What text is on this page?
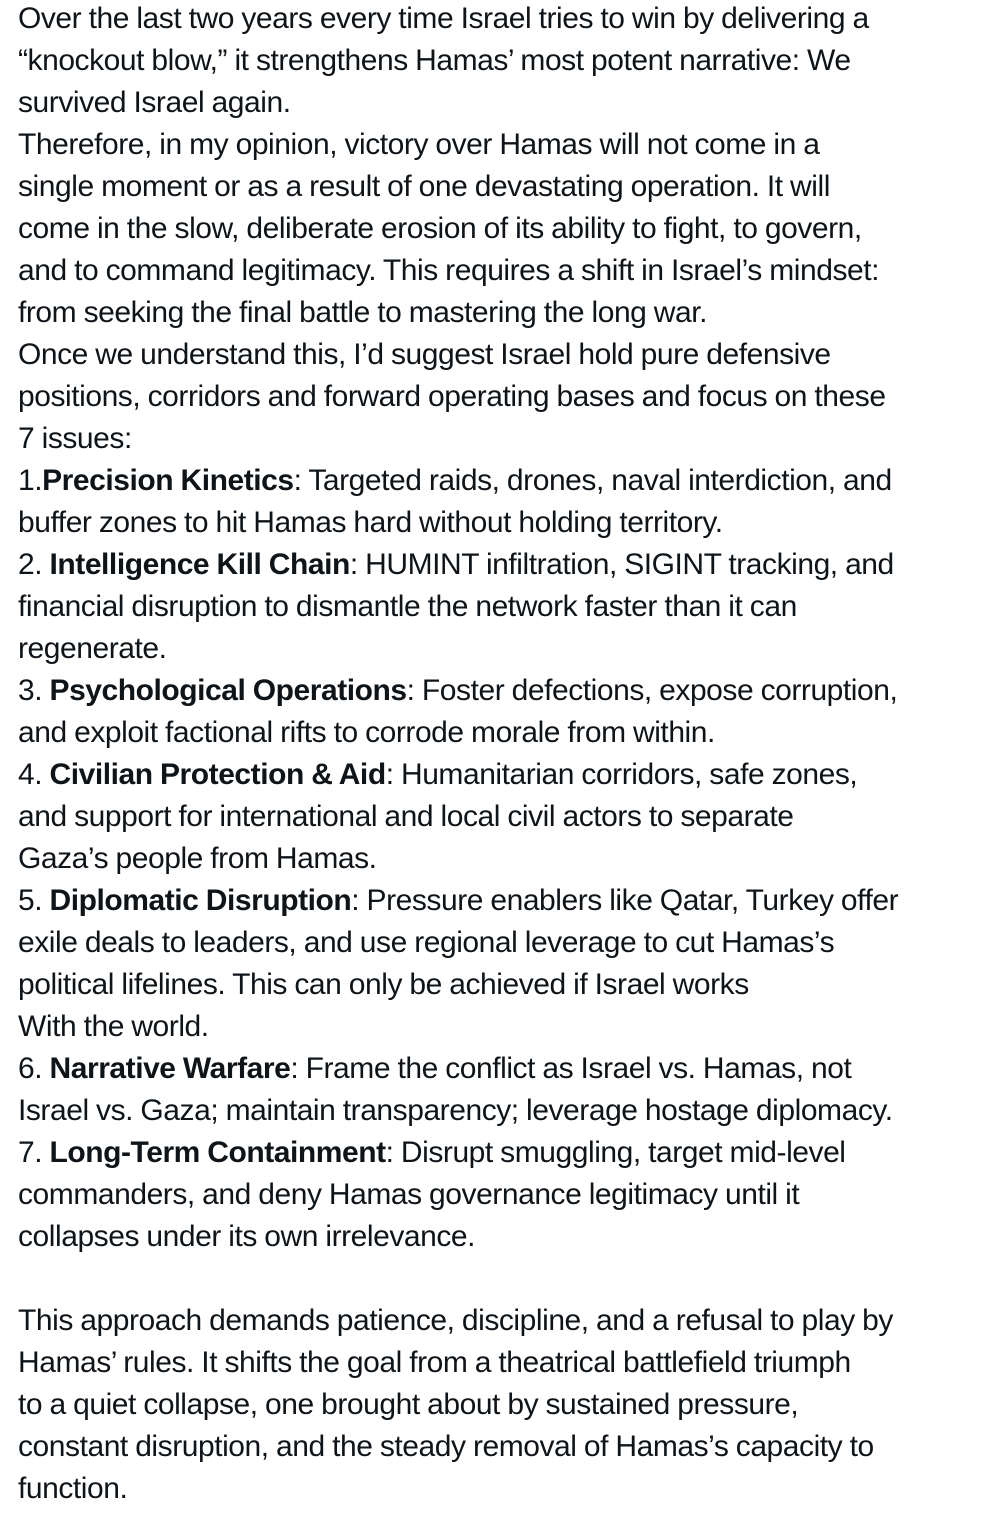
Over the last two years every time Israel tries to win by delivering a
“knockout blow,” it strengthens Hamas’ most potent narrative: We
survived Israel again.
Therefore, in my opinion, victory over Hamas will not come in a
single moment or as a result of one devastating operation. It will
come in the slow, deliberate erosion of its ability to fight, to govern,
and to command legitimacy. This requires a shift in Israel’s mindset:
from seeking the final battle to mastering the long war.
Once we understand this, I’d suggest Israel hold pure defensive
positions, corridors and forward operating bases and focus on these
7 issues:
1.Precision Kinetics: Targeted raids, drones, naval interdiction, and
buffer zones to hit Hamas hard without holding territory.
2. Intelligence Kill Chain: HUMINT infiltration, SIGINT tracking, and
financial disruption to dismantle the network faster than it can
regenerate.
3. Psychological Operations: Foster defections, expose corruption,
and exploit factional rifts to corrode morale from within.
4. Civilian Protection & Aid: Humanitarian corridors, safe zones,
and support for international and local civil actors to separate
Gaza’s people from Hamas.
5. Diplomatic Disruption: Pressure enablers like Qatar, Turkey offer
exile deals to leaders, and use regional leverage to cut Hamas’s
political lifelines. This can only be achieved if Israel works
With the world.
6. Narrative Warfare: Frame the conflict as Israel vs. Hamas, not
Israel vs. Gaza; maintain transparency; leverage hostage diplomacy.
7. Long-Term Containment: Disrupt smuggling, target mid-level
commanders, and deny Hamas governance legitimacy until it
collapses under its own irrelevance.
This approach demands patience, discipline, and a refusal to play by
Hamas’ rules. It shifts the goal from a theatrical battlefield triumph
to a quiet collapse, one brought about by sustained pressure,
constant disruption, and the steady removal of Hamas’s capacity to
function.
